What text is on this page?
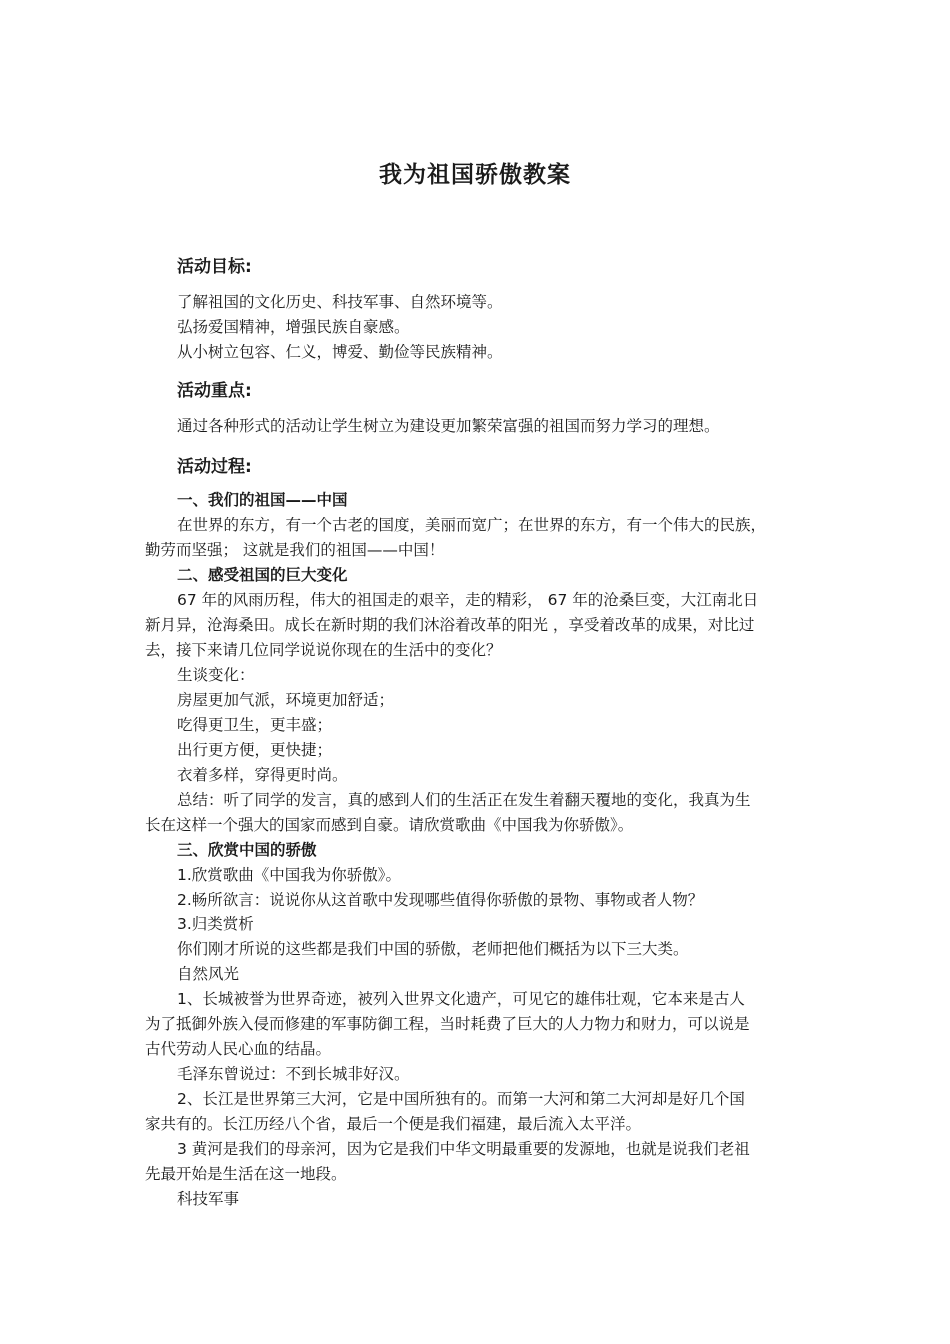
我为祖国骄傲教案
活动目标:
了解祖国的文化历史、科技军事、自然环境等。
弘扬爱国精神，增强民族自豪感。
从小树立包容、仁义，博爱、勤俭等民族精神。
活动重点:
通过各种形式的活动让学生树立为建设更加繁荣富强的祖国而努力学习的理想。
活动过程:
一、我们的祖国——中国
在世界的东方，有一个古老的国度，美丽而宽广；在世界的东方，有一个伟大的民族，
勤劳而坚强； 这就是我们的祖国——中国！
二、感受祖国的巨大变化
67 年的风雨历程，伟大的祖国走的艰辛，走的精彩， 67 年的沧桑巨变，大江南北日
新月异，沧海桑田。成长在新时期的我们沐浴着改革的阳光 ，享受着改革的成果，对比过
去，接下来请几位同学说说你现在的生活中的变化？
生谈变化：
房屋更加气派，环境更加舒适；
吃得更卫生，更丰盛；
出行更方便，更快捷；
衣着多样，穿得更时尚。
总结：听了同学的发言，真的感到人们的生活正在发生着翻天覆地的变化，我真为生
长在这样一个强大的国家而感到自豪。请欣赏歌曲《中国我为你骄傲》。
三、欣赏中国的骄傲
1.欣赏歌曲《中国我为你骄傲》。
2.畅所欲言：说说你从这首歌中发现哪些值得你骄傲的景物、事物或者人物？
3.归类赏析
你们刚才所说的这些都是我们中国的骄傲，老师把他们概括为以下三大类。
自然风光
1、长城被誉为世界奇迹，被列入世界文化遗产，可见它的雄伟壮观，它本来是古人
为了抵御外族入侵而修建的军事防御工程，当时耗费了巨大的人力物力和财力，可以说是
古代劳动人民心血的结晶。
毛泽东曾说过：不到长城非好汉。
2、长江是世界第三大河，它是中国所独有的。而第一大河和第二大河却是好几个国
家共有的。长江历经八个省，最后一个便是我们福建，最后流入太平洋。
3 黄河是我们的母亲河，因为它是我们中华文明最重要的发源地，也就是说我们老祖
先最开始是生活在这一地段。
科技军事
